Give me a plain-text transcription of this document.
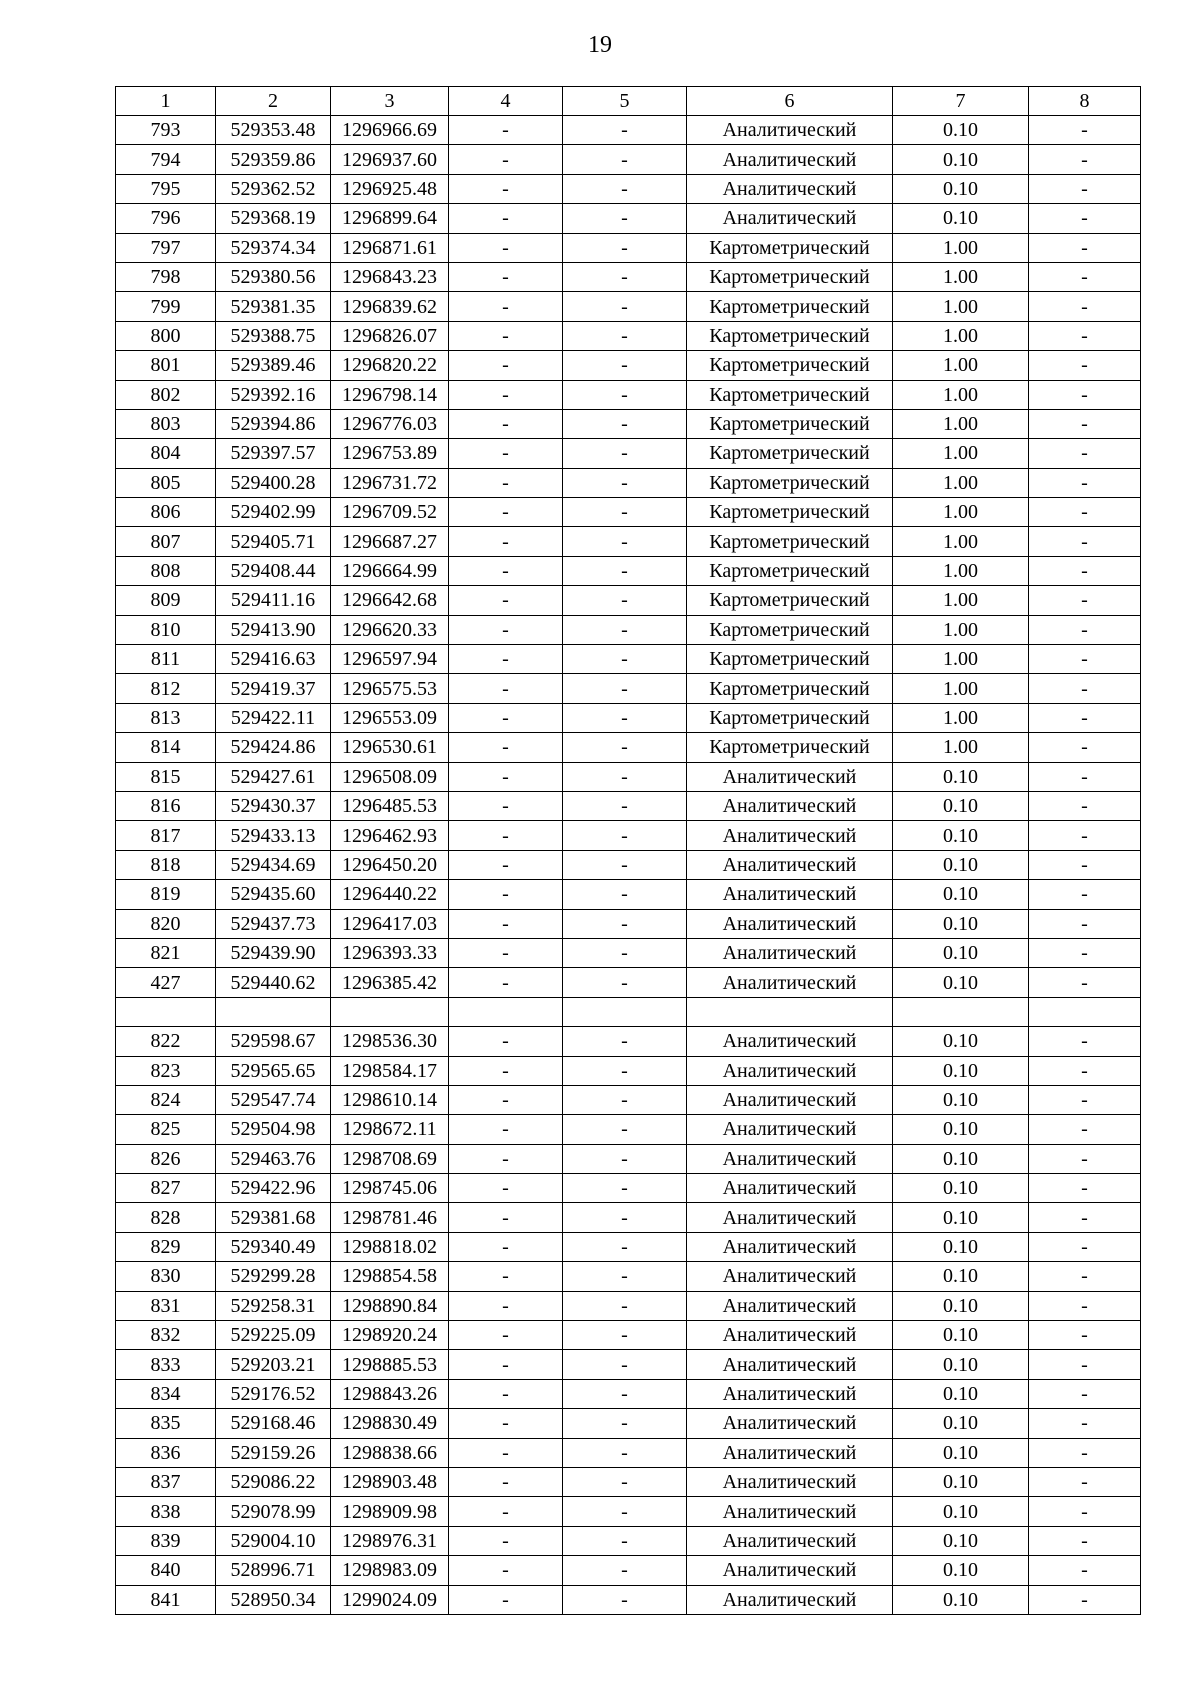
19
1	2	3	4	5	6	7	8
793	529353.48	1296966.69	-	-	Аналитический	0.10	-
794	529359.86	1296937.60	-	-	Аналитический	0.10	-
795	529362.52	1296925.48	-	-	Аналитический	0.10	-
796	529368.19	1296899.64	-	-	Аналитический	0.10	-
797	529374.34	1296871.61	-	-	Картометрический	1.00	-
798	529380.56	1296843.23	-	-	Картометрический	1.00	-
799	529381.35	1296839.62	-	-	Картометрический	1.00	-
800	529388.75	1296826.07	-	-	Картометрический	1.00	-
801	529389.46	1296820.22	-	-	Картометрический	1.00	-
802	529392.16	1296798.14	-	-	Картометрический	1.00	-
803	529394.86	1296776.03	-	-	Картометрический	1.00	-
804	529397.57	1296753.89	-	-	Картометрический	1.00	-
805	529400.28	1296731.72	-	-	Картометрический	1.00	-
806	529402.99	1296709.52	-	-	Картометрический	1.00	-
807	529405.71	1296687.27	-	-	Картометрический	1.00	-
808	529408.44	1296664.99	-	-	Картометрический	1.00	-
809	529411.16	1296642.68	-	-	Картометрический	1.00	-
810	529413.90	1296620.33	-	-	Картометрический	1.00	-
811	529416.63	1296597.94	-	-	Картометрический	1.00	-
812	529419.37	1296575.53	-	-	Картометрический	1.00	-
813	529422.11	1296553.09	-	-	Картометрический	1.00	-
814	529424.86	1296530.61	-	-	Картометрический	1.00	-
815	529427.61	1296508.09	-	-	Аналитический	0.10	-
816	529430.37	1296485.53	-	-	Аналитический	0.10	-
817	529433.13	1296462.93	-	-	Аналитический	0.10	-
818	529434.69	1296450.20	-	-	Аналитический	0.10	-
819	529435.60	1296440.22	-	-	Аналитический	0.10	-
820	529437.73	1296417.03	-	-	Аналитический	0.10	-
821	529439.90	1296393.33	-	-	Аналитический	0.10	-
427	529440.62	1296385.42	-	-	Аналитический	0.10	-

822	529598.67	1298536.30	-	-	Аналитический	0.10	-
823	529565.65	1298584.17	-	-	Аналитический	0.10	-
824	529547.74	1298610.14	-	-	Аналитический	0.10	-
825	529504.98	1298672.11	-	-	Аналитический	0.10	-
826	529463.76	1298708.69	-	-	Аналитический	0.10	-
827	529422.96	1298745.06	-	-	Аналитический	0.10	-
828	529381.68	1298781.46	-	-	Аналитический	0.10	-
829	529340.49	1298818.02	-	-	Аналитический	0.10	-
830	529299.28	1298854.58	-	-	Аналитический	0.10	-
831	529258.31	1298890.84	-	-	Аналитический	0.10	-
832	529225.09	1298920.24	-	-	Аналитический	0.10	-
833	529203.21	1298885.53	-	-	Аналитический	0.10	-
834	529176.52	1298843.26	-	-	Аналитический	0.10	-
835	529168.46	1298830.49	-	-	Аналитический	0.10	-
836	529159.26	1298838.66	-	-	Аналитический	0.10	-
837	529086.22	1298903.48	-	-	Аналитический	0.10	-
838	529078.99	1298909.98	-	-	Аналитический	0.10	-
839	529004.10	1298976.31	-	-	Аналитический	0.10	-
840	528996.71	1298983.09	-	-	Аналитический	0.10	-
841	528950.34	1299024.09	-	-	Аналитический	0.10	-
